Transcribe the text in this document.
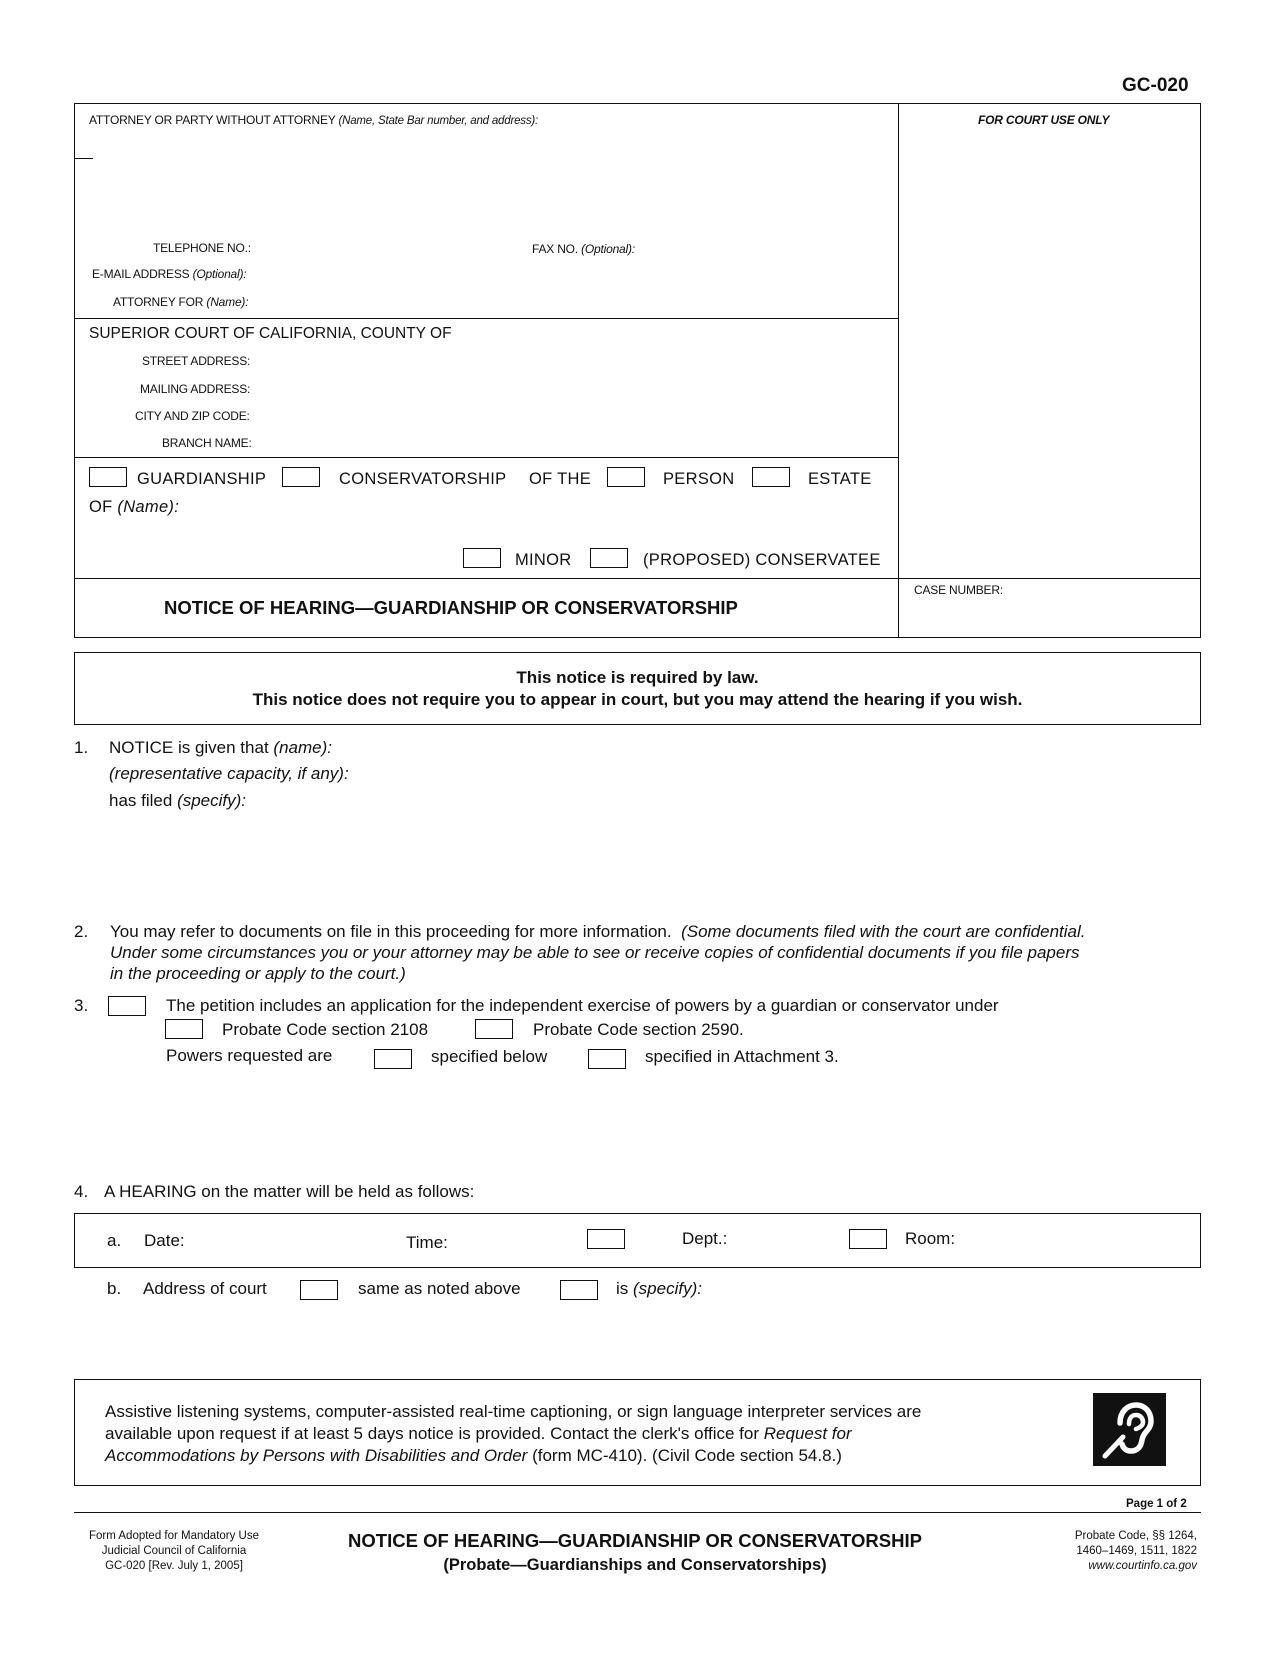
GC-020
ATTORNEY OR PARTY WITHOUT ATTORNEY (Name, State Bar number, and address):	FOR COURT USE ONLY
TELEPHONE NO.:	FAX NO. (Optional):
E-MAIL ADDRESS (Optional):
ATTORNEY FOR (Name):
SUPERIOR COURT OF CALIFORNIA, COUNTY OF
STREET ADDRESS:
MAILING ADDRESS:
CITY AND ZIP CODE:
BRANCH NAME:
GUARDIANSHIP	CONSERVATORSHIP OF THE	PERSON	ESTATE
OF (Name):
MINOR	(PROPOSED) CONSERVATEE
NOTICE OF HEARING—GUARDIANSHIP OR CONSERVATORSHIP
CASE NUMBER:
This notice is required by law.
This notice does not require you to appear in court, but you may attend the hearing if you wish.
1. NOTICE is given that (name):
(representative capacity, if any):
has filed (specify):
2. You may refer to documents on file in this proceeding for more information. (Some documents filed with the court are confidential.
Under some circumstances you or your attorney may be able to see or receive copies of confidential documents if you file papers
in the proceeding or apply to the court.)
3.	The petition includes an application for the independent exercise of powers by a guardian or conservator under
Probate Code section 2108	Probate Code section 2590.
Powers requested are	specified below	specified in Attachment 3.
4. A HEARING on the matter will be held as follows:
a. Date:	Time:	Dept.:	Room:
b. Address of court	same as noted above	is (specify):
Assistive listening systems, computer-assisted real-time captioning, or sign language interpreter services are
available upon request if at least 5 days notice is provided. Contact the clerk's office for Request for
Accommodations by Persons with Disabilities and Order (form MC-410). (Civil Code section 54.8.)
Page 1 of 2
Form Adopted for Mandatory Use
Judicial Council of California
GC-020 [Rev. July 1, 2005]
NOTICE OF HEARING—GUARDIANSHIP OR CONSERVATORSHIP
(Probate—Guardianships and Conservatorships)
Probate Code, §§ 1264,
1460–1469, 1511, 1822
www.courtinfo.ca.gov
